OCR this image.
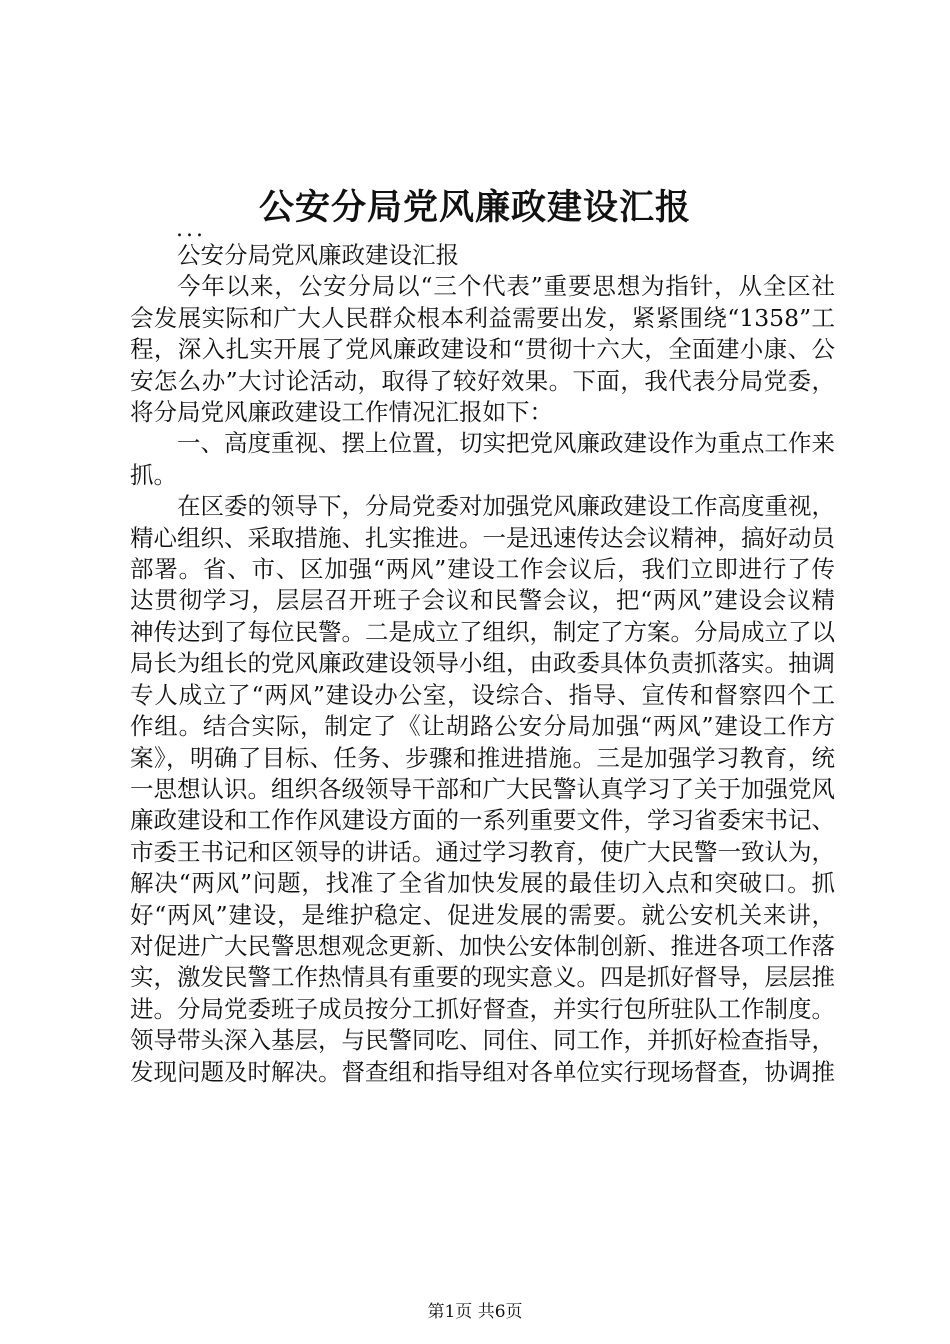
公安分局党风廉政建设汇报
...

公安分局党风廉政建设汇报

今年以来，公安分局以“三个代表”重要思想为指针，从全区社会发展实际和广大人民群众根本利益需要出发，紧紧围绕“1358”工程，深入扎实开展了党风廉政建设和“贯彻十六大，全面建小康、公安怎么办”大讨论活动，取得了较好效果。下面，我代表分局党委，将分局党风廉政建设工作情况汇报如下：

一、高度重视、摆上位置，切实把党风廉政建设作为重点工作来抓。

在区委的领导下，分局党委对加强党风廉政建设工作高度重视，精心组织、采取措施、扎实推进。一是迅速传达会议精神，搞好动员部署。省、市、区加强“两风”建设工作会议后，我们立即进行了传达贯彻学习，层层召开班子会议和民警会议，把“两风”建设会议精神传达到了每位民警。二是成立了组织，制定了方案。分局成立了以局长为组长的党风廉政建设领导小组，由政委具体负责抓落实。抽调专人成立了“两风”建设办公室，设综合、指导、宣传和督察四个工作组。结合实际，制定了《让胡路公安分局加强“两风”建设工作方案》，明确了目标、任务、步骤和推进措施。三是加强学习教育，统一思想认识。组织各级领导干部和广大民警认真学习了关于加强党风廉政建设和工作作风建设方面的一系列重要文件，学习省委宋书记、市委王书记和区领导的讲话。通过学习教育，使广大民警一致认为，解决“两风”问题，找准了全省加快发展的最佳切入点和突破口。抓好“两风”建设，是维护稳定、促进发展的需要。就公安机关来讲，对促进广大民警思想观念更新、加快公安体制创新、推进各项工作落实，激发民警工作热情具有重要的现实意义。四是抓好督导，层层推进。分局党委班子成员按分工抓好督查，并实行包所驻队工作制度。领导带头深入基层，与民警同吃、同住、同工作，并抓好检查指导，发现问题及时解决。督查组和指导组对各单位实行现场督查，协调推

第1页 共6页
